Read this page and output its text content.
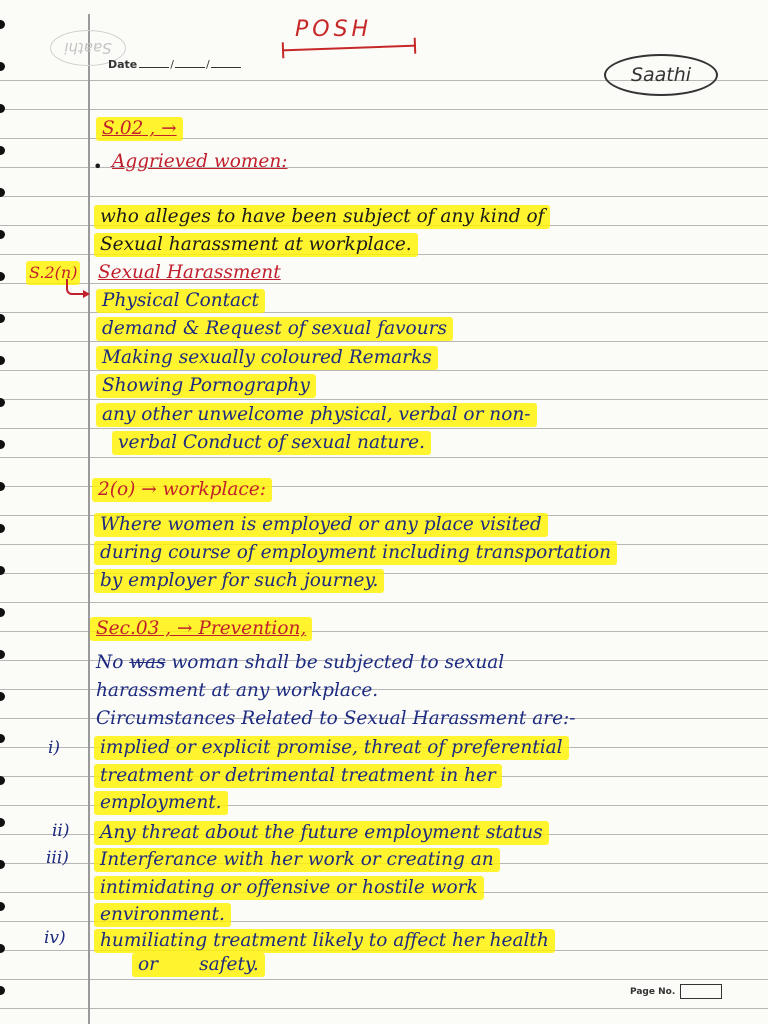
Saathi
Date	/	/	Saathi
POSH
S.02 , →
• Aggrieved women:
who alleges to have been subject of any kind of
Sexual harassment at workplace.
S.2(n) Sexual Harassment
Physical Contact
demand & Request of sexual favours
Making sexually coloured Remarks
Showing Pornography
any other unwelcome physical, verbal or non-
verbal Conduct of sexual nature.
2(o) → workplace:
Where women is employed or any place visited
during course of employment including transportation
by employer for such journey.
Sec.03 , → Prevention,
No was woman shall be subjected to sexual
harassment at any workplace.
Circumstances Related to Sexual Harassment are:-
i)	implied or explicit promise, threat of preferential
treatment or detrimental treatment in her
employment.
ii)	Any threat about the future employment status
iii)	Interferance with her work or creating an
intimidating or offensive or hostile work
environment.
iv)	humiliating treatment likely to affect her health
or safety.
Page No.
